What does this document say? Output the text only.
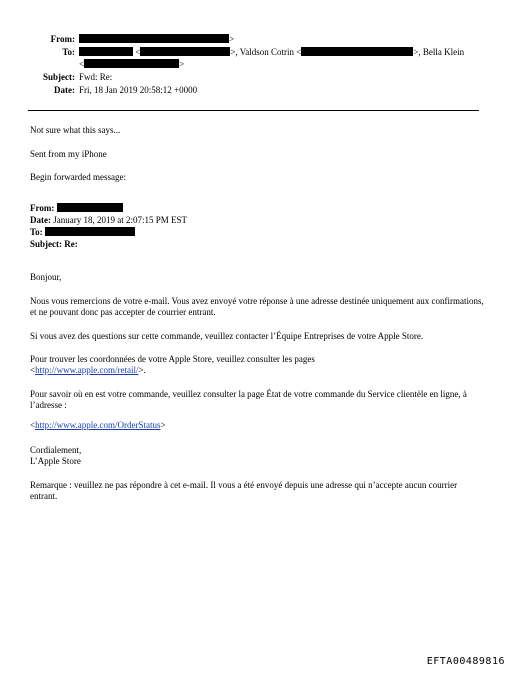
From:	>
To:	<	>, Valdson Cotrin <	>, Bella Klein
<	>
Subject: Fwd: Re:
Date: Fri, 18 Jan 2019 20:58:12 +0000
Not sure what this says...
Sent from my iPhone
Begin forwarded message:
From:
Date: January 18, 2019 at 2:07:15 PM EST
To:
Subject: Re:
Bonjour,
Nous vous remercions de votre e-mail. Vous avez envoyé votre réponse à une adresse destinée uniquement aux confirmations, et ne pouvant donc pas accepter de courrier entrant.
Si vous avez des questions sur cette commande, veuillez contacter l’Équipe Entreprises de votre Apple Store.
Pour trouver les coordonnées de votre Apple Store, veuillez consulter les pages
<http://www.apple.com/retail/>.
Pour savoir où en est votre commande, veuillez consulter la page État de votre commande du Service clientèle en ligne, à l’adresse :
<http://www.apple.com/OrderStatus>
Cordialement,
L’Apple Store
Remarque : veuillez ne pas répondre à cet e-mail. Il vous a été envoyé depuis une adresse qui n’accepte aucun courrier entrant.
EFTA00489816
